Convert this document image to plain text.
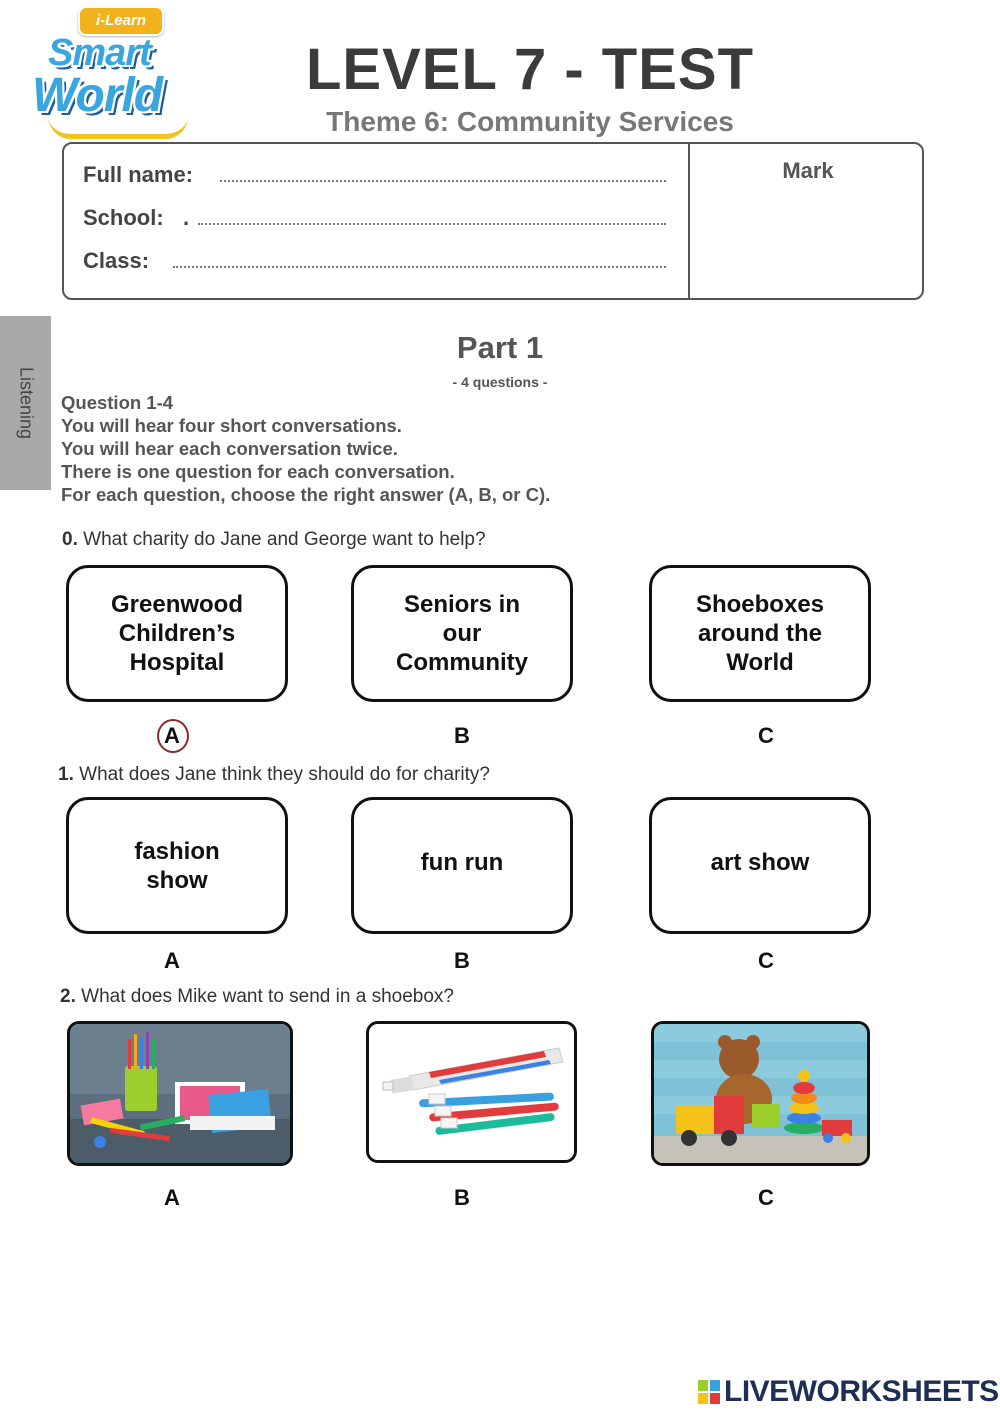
i-Learn
Smart
World	LEVEL 7 - TEST
Theme 6: Community Services
Full name:
School: .
Class:
Mark
Listening
Part 1
- 4 questions -
Question 1-4
You will hear four short conversations.
You will hear each conversation twice.
There is one question for each conversation.
For each question, choose the right answer (A, B, or C).
0. What charity do Jane and George want to help?
Greenwood
Children’s
Hospital
Seniors in
our
Community
Shoeboxes
around the
World
A	B	C
1. What does Jane think they should do for charity?
fashion
show
fun run	art show
A	B	C
2. What does Mike want to send in a shoebox?
A	B	C
LIVEWORKSHEETS
